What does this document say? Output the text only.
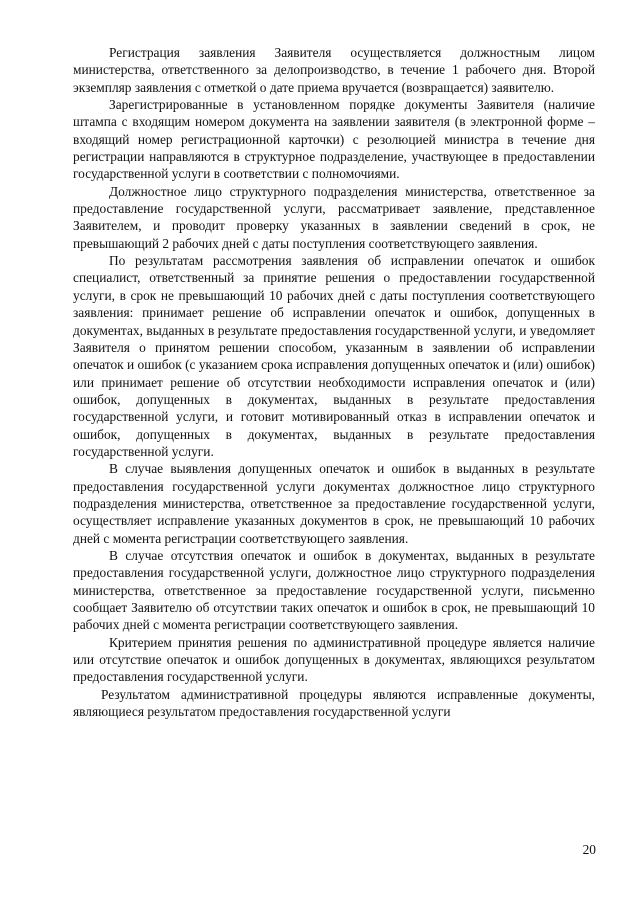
Регистрация заявления Заявителя осуществляется должностным лицом министерства, ответственного за делопроизводство, в течение 1 рабочего дня. Второй экземпляр заявления с отметкой о дате приема вручается (возвращается) заявителю.

Зарегистрированные в установленном порядке документы Заявителя (наличие штампа с входящим номером документа на заявлении заявителя (в электронной форме – входящий номер регистрационной карточки) с резолюцией министра в течение дня регистрации направляются в структурное подразделение, участвующее в предоставлении государственной услуги в соответствии с полномочиями.

Должностное лицо структурного подразделения министерства, ответственное за предоставление государственной услуги, рассматривает заявление, представленное Заявителем, и проводит проверку указанных в заявлении сведений в срок, не превышающий 2 рабочих дней с даты поступления соответствующего заявления.

По результатам рассмотрения заявления об исправлении опечаток и ошибок специалист, ответственный за принятие решения о предоставлении государственной услуги, в срок не превышающий 10 рабочих дней с даты поступления соответствующего заявления: принимает решение об исправлении опечаток и ошибок, допущенных в документах, выданных в результате предоставления государственной услуги, и уведомляет Заявителя о принятом решении способом, указанным в заявлении об исправлении опечаток и ошибок (с указанием срока исправления допущенных опечаток и (или) ошибок) или принимает решение об отсутствии необходимости исправления опечаток и (или) ошибок, допущенных в документах, выданных в результате предоставления государственной услуги, и готовит мотивированный отказ в исправлении опечаток и ошибок, допущенных в документах, выданных в результате предоставления государственной услуги.

В случае выявления допущенных опечаток и ошибок в выданных в результате предоставления государственной услуги документах должностное лицо структурного подразделения министерства, ответственное за предоставление государственной услуги, осуществляет исправление указанных документов в срок, не превышающий 10 рабочих дней с момента регистрации соответствующего заявления.

В случае отсутствия опечаток и ошибок в документах, выданных в результате предоставления государственной услуги, должностное лицо структурного подразделения министерства, ответственное за предоставление государственной услуги, письменно сообщает Заявителю об отсутствии таких опечаток и ошибок в срок, не превышающий 10 рабочих дней с момента регистрации соответствующего заявления.

Критерием принятия решения по административной процедуре является наличие или отсутствие опечаток и ошибок допущенных в документах, являющихся результатом предоставления государственной услуги.

Результатом административной процедуры являются исправленные документы, являющиеся результатом предоставления государственной услуги

20
